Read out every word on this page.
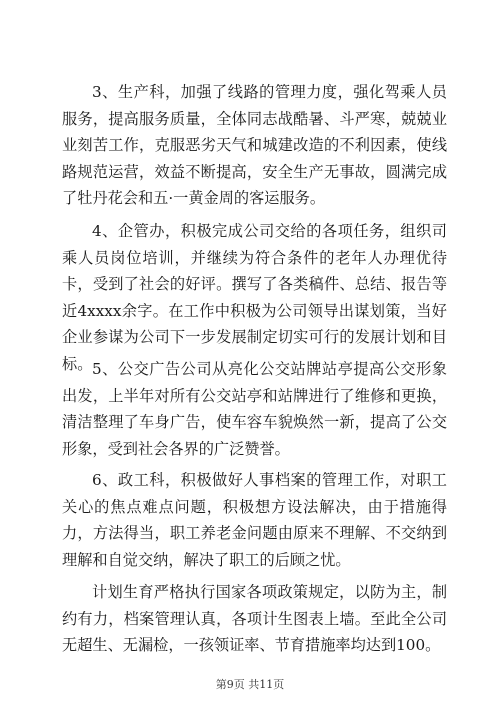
3、生产科，加强了线路的管理力度，强化驾乘人员服务，提高服务质量，全体同志战酷暑、斗严寒，兢兢业业刻苦工作，克服恶劣天气和城建改造的不利因素，使线路规范运营，效益不断提高，安全生产无事故，圆满完成了牡丹花会和五·一黄金周的客运服务。

4、企管办，积极完成公司交给的各项任务，组织司乘人员岗位培训，并继续为符合条件的老年人办理优待卡，受到了社会的好评。撰写了各类稿件、总结、报告等近4xxxx余字。在工作中积极为公司领导出谋划策，当好企业参谋为公司下一步发展制定切实可行的发展计划和目标。 5、公交广告公司从亮化公交站牌站亭提高公交形象出发，上半年对所有公交站亭和站牌进行了维修和更换，清洁整理了车身广告，使车容车貌焕然一新，提高了公交形象，受到社会各界的广泛赞誉。

6、政工科，积极做好人事档案的管理工作，对职工关心的焦点难点问题，积极想方设法解决，由于措施得力，方法得当，职工养老金问题由原来不理解、不交纳到理解和自觉交纳，解决了职工的后顾之忧。

计划生育严格执行国家各项政策规定，以防为主，制约有力，档案管理认真，各项计生图表上墙。至此全公司无超生、无漏检，一孩领证率、节育措施率均达到100。

第9页 共11页
